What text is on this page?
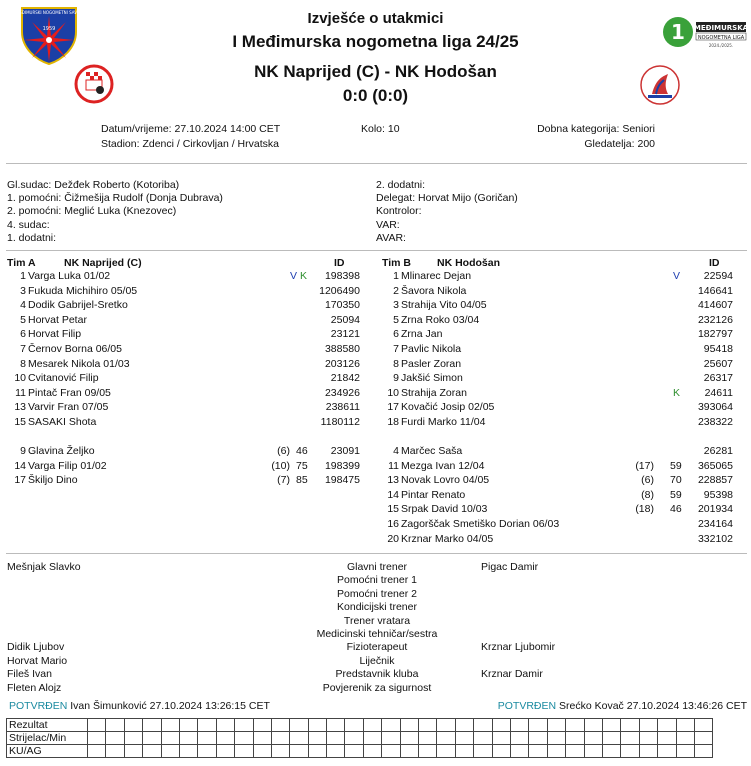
Izvješće o utakmici
I Međimurska nogometna liga 24/25
NK Naprijed (C) - NK Hodošan
0:0 (0:0)
MEĐIMURSKI NOGOMETNI SAVEZ
1959	1 MEĐIMURSKA
NOGOMETNA LIGA
2024./2025.
Datum/vrijeme: 27.10.2024 14:00 CET
Stadion: Zdenci / Cirkovljan / Hrvatska
Kolo: 10	Dobna kategorija: Seniori
Gledatelja: 200
Gl.sudac: Dežđek Roberto (Kotoriba)
1. pomoćni: Čižmešija Rudolf (Donja Dubrava)
2. pomoćni: Meglić Luka (Knezovec)
4. sudac:
1. dodatni:
2. dodatni:
Delegat: Horvat Mijo (Goričan)
Kontrolor:
VAR:
AVAR:
Tim A	NK Naprijed (C)	ID	Tim B NK Hodošan	ID
1 Varga Luka 01/02	V K	198398
3 Fukuda Michihiro 05/05	1206490
4 Dodik Gabrijel-Sretko	170350
5 Horvat Petar	25094
6 Horvat Filip	23121
7 Černov Borna 06/05	388580
8 Mesarek Nikola 01/03	203126
10 Cvitanović Filip	21842
11 Pintač Fran 09/05	234926
13 Varvir Fran 07/05	238611
15 SASAKI Shota	1180112
9 Glavina Željko	(6) 46	23091
14 Varga Filip 01/02	(10) 75	198399
17 Škiljo Dino	(7) 85	198475
1 Mlinarec Dejan	V	22594
2 Šavora Nikola	146641
3 Strahija Vito 04/05	414607
5 Zrna Roko 03/04	232126
6 Zrna Jan	182797
7 Pavlic Nikola	95418
8 Pasler Zoran	25607
9 Jakšić Simon	26317
10 Strahija Zoran	K	24611
17 Kovačić Josip 02/05	393064
18 Furdi Marko 11/04	238322
4 Marčec Saša	26281
11 Mezga Ivan 12/04	(17) 59	365065
13 Novak Lovro 04/05	(6) 70	228857
14 Pintar Renato	(8) 59	95398
15 Srpak David 10/03	(18) 46	201934
16 Zagorščak Smetiško Dorian 06/03	234164
20 Krznar Marko 04/05	332102
Mešnjak Slavko	Glavni trener	Pigac Damir
Pomoćni trener 1
Pomoćni trener 2
Kondicijski trener
Trener vratara
Medicinski tehničar/sestra
Didik Ljubov	Fizioterapeut	Krznar Ljubomir
Horvat Mario	Liječnik
Fileš Ivan	Predstavnik kluba	Krznar Damir
Fleten Alojz	Povjerenik za sigurnost
POTVRĐEN Ivan Šimunković 27.10.2024 13:26:15 CET	POTVRĐEN Srećko Kovač 27.10.2024 13:46:26 CET
Rezultat																																		
Strijelac/Min																																		
KU/AG																																		
